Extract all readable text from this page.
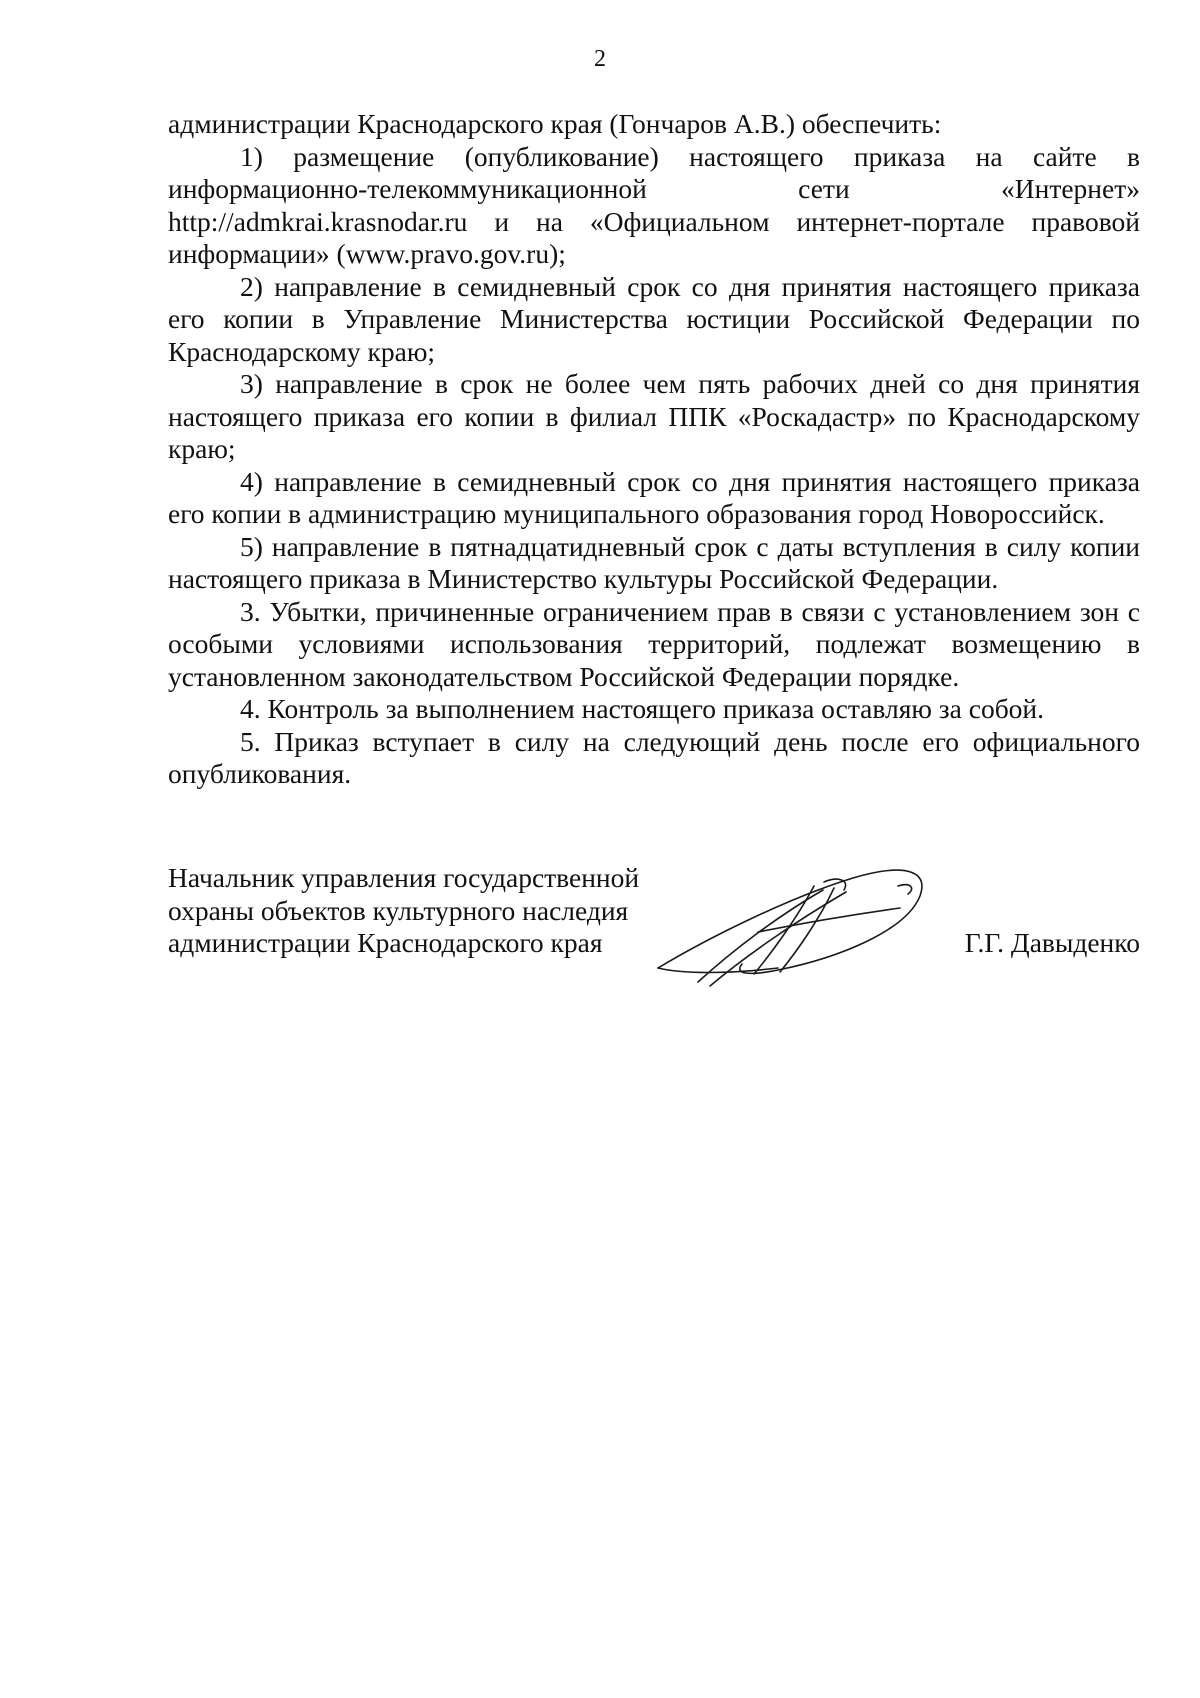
2

администрации Краснодарского края (Гончаров А.В.) обеспечить:

1) размещение (опубликование) настоящего приказа на сайте в информационно-телекоммуникационной сети «Интернет» http://admkrai.krasnodar.ru и на «Официальном интернет-портале правовой информации» (www.pravo.gov.ru);

2) направление в семидневный срок со дня принятия настоящего приказа его копии в Управление Министерства юстиции Российской Федерации по Краснодарскому краю;

3) направление в срок не более чем пять рабочих дней со дня принятия настоящего приказа его копии в филиал ППК «Роскадастр» по Краснодарскому краю;

4) направление в семидневный срок со дня принятия настоящего приказа его копии в администрацию муниципального образования город Новороссийск.

5) направление в пятнадцатидневный срок с даты вступления в силу копии настоящего приказа в Министерство культуры Российской Федерации.

3. Убытки, причиненные ограничением прав в связи с установлением зон с особыми условиями использования территорий, подлежат возмещению в установленном законодательством Российской Федерации порядке.

4. Контроль за выполнением настоящего приказа оставляю за собой.

5. Приказ вступает в силу на следующий день после его официального опубликования.

Начальник управления государственной
охраны объектов культурного наследия
администрации Краснодарского края	Г.Г. Давыденко
